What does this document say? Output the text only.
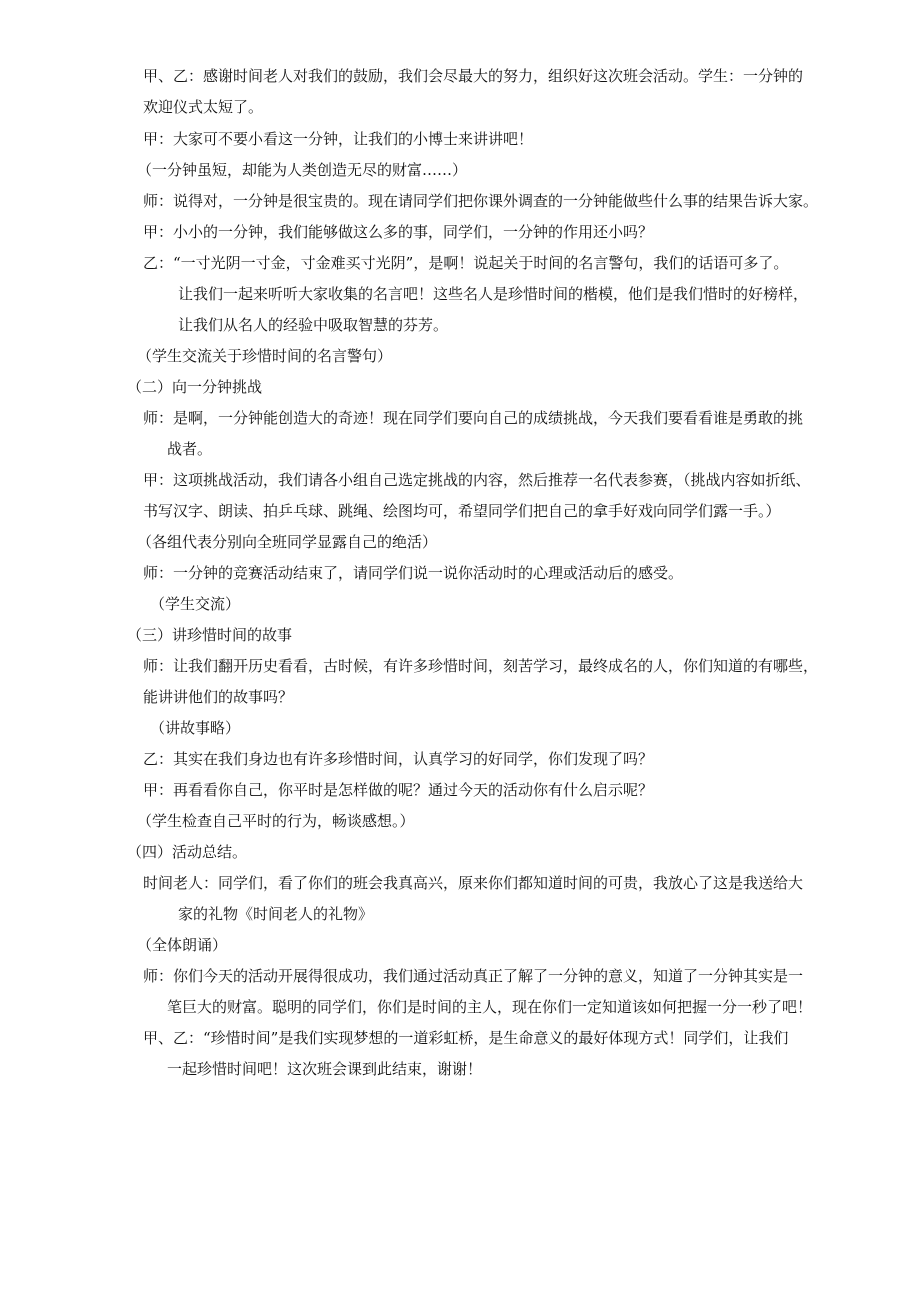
甲、乙：感谢时间老人对我们的鼓励，我们会尽最大的努力，组织好这次班会活动。学生：一分钟的
欢迎仪式太短了。
甲：大家可不要小看这一分钟，让我们的小博士来讲讲吧！
（一分钟虽短，却能为人类创造无尽的财富……）
师：说得对，一分钟是很宝贵的。现在请同学们把你课外调查的一分钟能做些什么事的结果告诉大家。
甲：小小的一分钟，我们能够做这么多的事，同学们，一分钟的作用还小吗？
乙：“一寸光阴一寸金，寸金难买寸光阴”，是啊！说起关于时间的名言警句，我们的话语可多了。
让我们一起来听听大家收集的名言吧！这些名人是珍惜时间的楷模，他们是我们惜时的好榜样，
让我们从名人的经验中吸取智慧的芬芳。
（学生交流关于珍惜时间的名言警句）
（二）向一分钟挑战
师：是啊，一分钟能创造大的奇迹！现在同学们要向自己的成绩挑战，今天我们要看看谁是勇敢的挑
战者。
甲：这项挑战活动，我们请各小组自己选定挑战的内容，然后推荐一名代表参赛，（挑战内容如折纸、
书写汉字、朗读、拍乒乓球、跳绳、绘图均可，希望同学们把自己的拿手好戏向同学们露一手。）
（各组代表分别向全班同学显露自己的绝活）
师：一分钟的竞赛活动结束了，请同学们说一说你活动时的心理或活动后的感受。
（学生交流）
（三）讲珍惜时间的故事
师：让我们翻开历史看看，古时候，有许多珍惜时间，刻苦学习，最终成名的人，你们知道的有哪些，
能讲讲他们的故事吗？
（讲故事略）
乙：其实在我们身边也有许多珍惜时间，认真学习的好同学，你们发现了吗？
甲：再看看你自己，你平时是怎样做的呢？通过今天的活动你有什么启示呢？
（学生检查自己平时的行为，畅谈感想。）
（四）活动总结。
时间老人：同学们，看了你们的班会我真高兴，原来你们都知道时间的可贵，我放心了这是我送给大
家的礼物《时间老人的礼物》
（全体朗诵）
师：你们今天的活动开展得很成功，我们通过活动真正了解了一分钟的意义，知道了一分钟其实是一
笔巨大的财富。聪明的同学们，你们是时间的主人，现在你们一定知道该如何把握一分一秒了吧！
甲、乙：“珍惜时间”是我们实现梦想的一道彩虹桥，是生命意义的最好体现方式！同学们，让我们
一起珍惜时间吧！这次班会课到此结束，谢谢！
